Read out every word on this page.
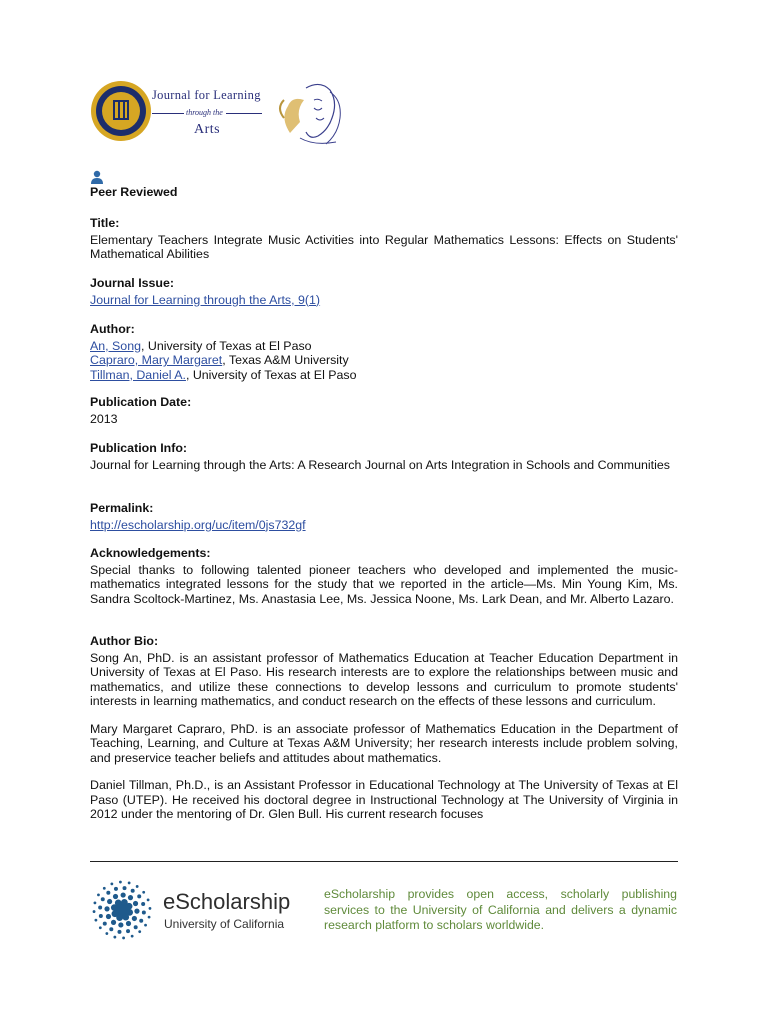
Journal for Learning
through the
Arts
Peer Reviewed
Title:
Elementary Teachers Integrate Music Activities into Regular Mathematics Lessons: Effects on Students' Mathematical Abilities
Journal Issue:
Journal for Learning through the Arts, 9(1)
Author:
An, Song, University of Texas at El Paso
Capraro, Mary Margaret, Texas A&M University
Tillman, Daniel A., University of Texas at El Paso
Publication Date:
2013
Publication Info:
Journal for Learning through the Arts: A Research Journal on Arts Integration in Schools and Communities
Permalink:
http://escholarship.org/uc/item/0js732gf
Acknowledgements:
Special thanks to following talented pioneer teachers who developed and implemented the music-mathematics integrated lessons for the study that we reported in the article—Ms. Min Young Kim, Ms. Sandra Scoltock-Martinez, Ms. Anastasia Lee, Ms. Jessica Noone, Ms. Lark Dean, and Mr. Alberto Lazaro.
Author Bio:
Song An, PhD. is an assistant professor of Mathematics Education at Teacher Education Department in University of Texas at El Paso. His research interests are to explore the relationships between music and mathematics, and utilize these connections to develop lessons and curriculum to promote students' interests in learning mathematics, and conduct research on the effects of these lessons and curriculum.
Mary Margaret Capraro, PhD. is an associate professor of Mathematics Education in the Department of Teaching, Learning, and Culture at Texas A&M University; her research interests include problem solving, and preservice teacher beliefs and attitudes about mathematics.
Daniel Tillman, Ph.D., is an Assistant Professor in Educational Technology at The University of Texas at El Paso (UTEP). He received his doctoral degree in Instructional Technology at The University of Virginia in 2012 under the mentoring of Dr. Glen Bull. His current research focuses
eScholarship
University of California
eScholarship provides open access, scholarly publishing services to the University of California and delivers a dynamic research platform to scholars worldwide.
